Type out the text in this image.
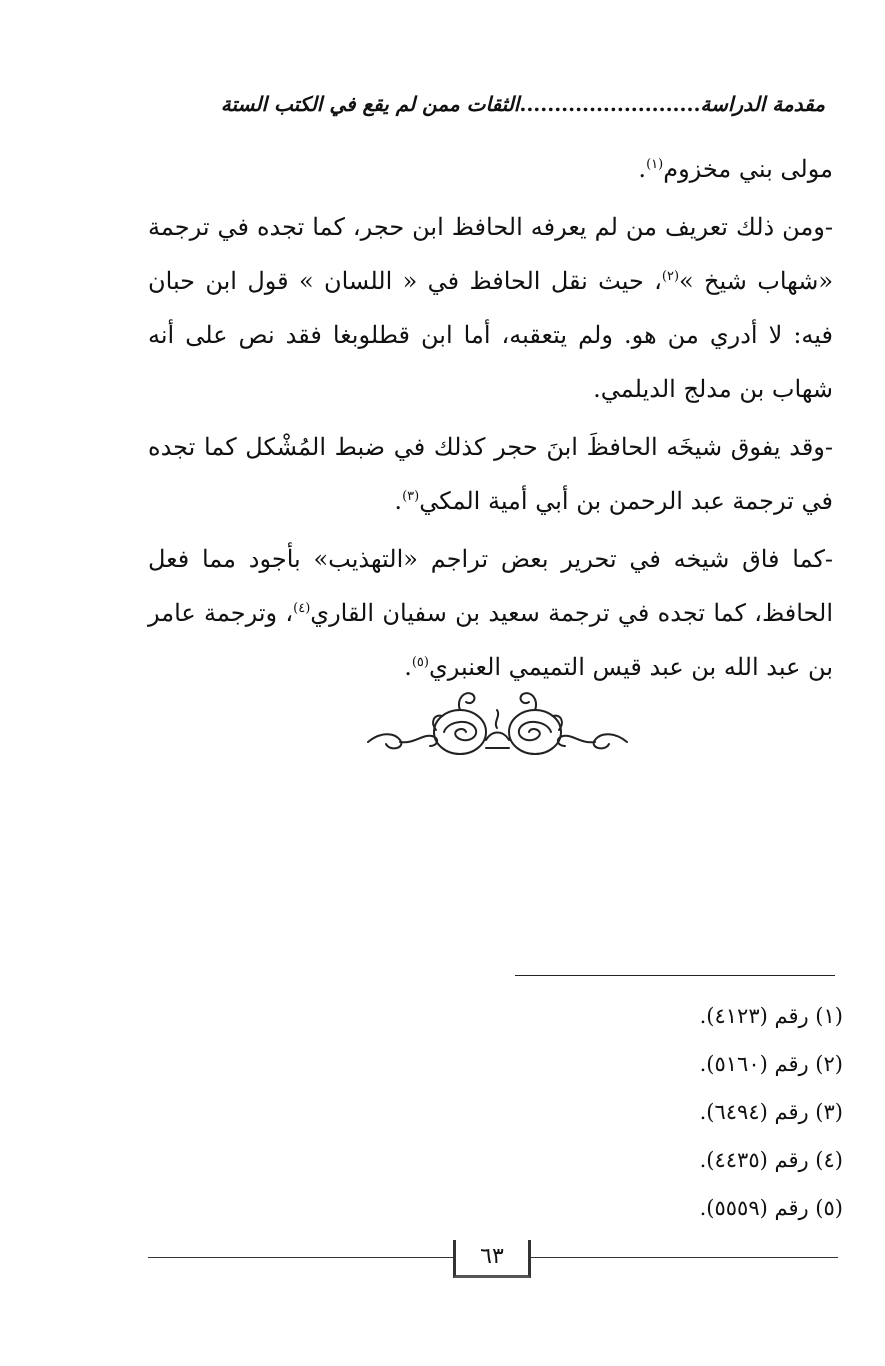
مقدمة الدراسة..........................الثقات ممن لم يقع في الكتب الستة

مولى بني مخزوم$^{(١)}$.

-ومن ذلك تعريف من لم يعرفه الحافظ ابن حجر، كما تجده في ترجمة «شهاب شيخ »$^{(٢)}$، حيث نقل الحافظ في « اللسان » قول ابن حبان فيه: لا أدري من هو. ولم يتعقبه، أما ابن قطلوبغا فقد نص على أنه شهاب بن مدلج الديلمي.

-وقد يفوق شيخَه الحافظَ ابنَ حجر كذلك في ضبط المُشْكل كما تجده في ترجمة عبد الرحمن بن أبي أمية المكي$^{(٣)}$.

-كما فاق شيخه في تحرير بعض تراجم «التهذيب» بأجود مما فعل الحافظ، كما تجده في ترجمة سعيد بن سفيان القاري$^{(٤)}$، وترجمة عامر بن عبد الله بن عبد قيس التميمي العنبري$^{(٥)}$.

(١) رقم (٤١٢٣).

(٢) رقم (٥١٦٠).

(٣) رقم (٦٤٩٤).

(٤) رقم (٤٤٣٥).

(٥) رقم (٥٥٥٩).

٦٣
